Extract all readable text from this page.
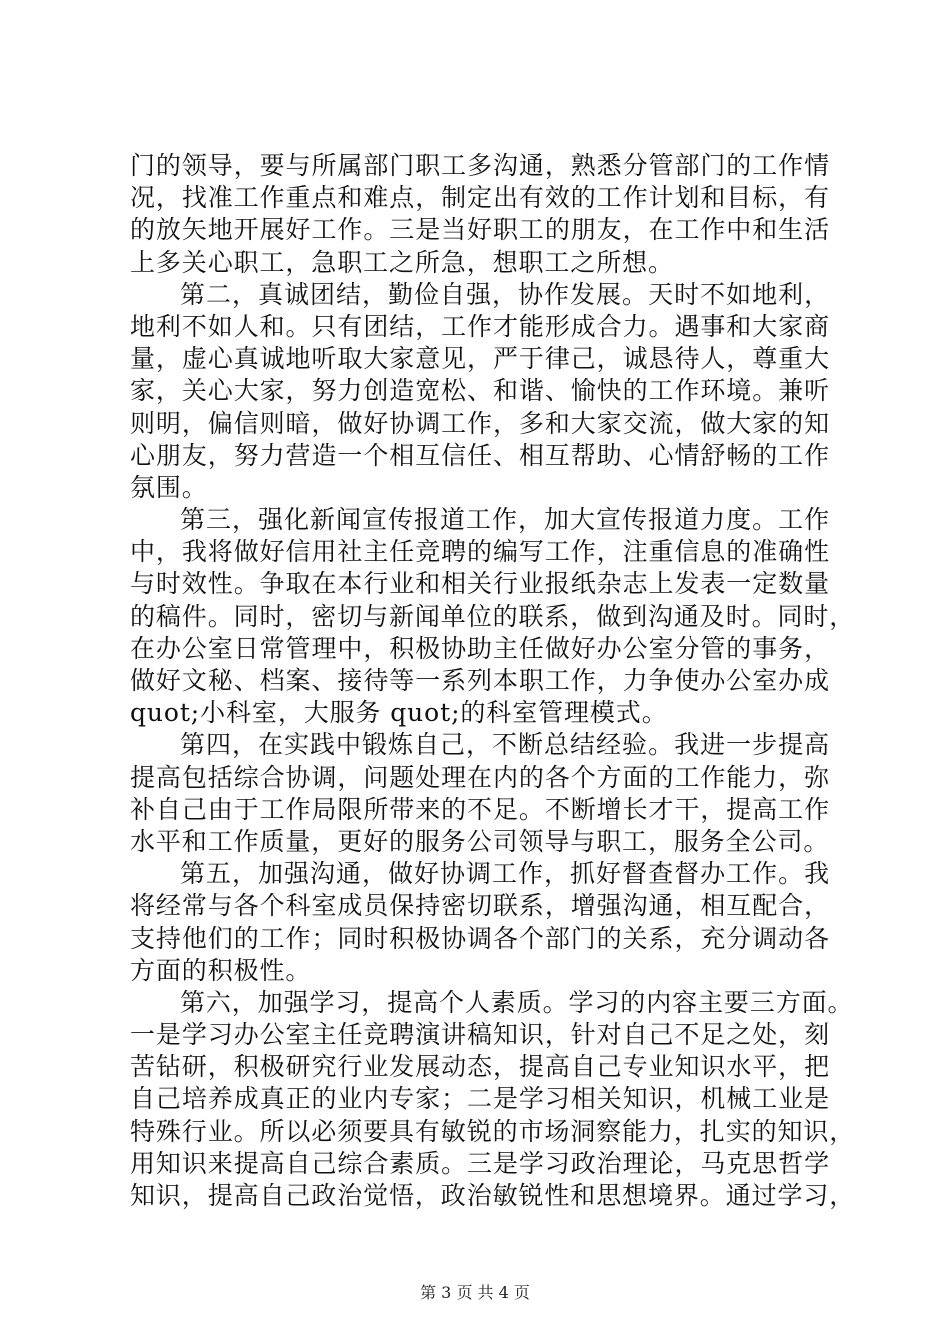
门的领导，要与所属部门职工多沟通，熟悉分管部门的工作情
况，找准工作重点和难点，制定出有效的工作计划和目标，有
的放矢地开展好工作。三是当好职工的朋友，在工作中和生活
上多关心职工，急职工之所急，想职工之所想。
第二，真诚团结，勤俭自强，协作发展。天时不如地利，
地利不如人和。只有团结，工作才能形成合力。遇事和大家商
量，虚心真诚地听取大家意见，严于律己，诚恳待人，尊重大
家，关心大家，努力创造宽松、和谐、愉快的工作环境。兼听
则明，偏信则暗，做好协调工作，多和大家交流，做大家的知
心朋友，努力营造一个相互信任、相互帮助、心情舒畅的工作
氛围。
第三，强化新闻宣传报道工作，加大宣传报道力度。工作
中，我将做好信用社主任竞聘的编写工作，注重信息的准确性
与时效性。争取在本行业和相关行业报纸杂志上发表一定数量
的稿件。同时，密切与新闻单位的联系，做到沟通及时。同时，
在办公室日常管理中，积极协助主任做好办公室分管的事务，
做好文秘、档案、接待等一系列本职工作，力争使办公室办成
quot;小科室，大服务 quot;的科室管理模式。
第四，在实践中锻炼自己，不断总结经验。我进一步提高
提高包括综合协调，问题处理在内的各个方面的工作能力，弥
补自己由于工作局限所带来的不足。不断增长才干，提高工作
水平和工作质量，更好的服务公司领导与职工，服务全公司。
第五，加强沟通，做好协调工作，抓好督查督办工作。我
将经常与各个科室成员保持密切联系，增强沟通，相互配合，
支持他们的工作；同时积极协调各个部门的关系，充分调动各
方面的积极性。
第六，加强学习，提高个人素质。学习的内容主要三方面。
一是学习办公室主任竞聘演讲稿知识，针对自己不足之处，刻
苦钻研，积极研究行业发展动态，提高自己专业知识水平，把
自己培养成真正的业内专家；二是学习相关知识，机械工业是
特殊行业。所以必须要具有敏锐的市场洞察能力，扎实的知识，
用知识来提高自己综合素质。三是学习政治理论，马克思哲学
知识，提高自己政治觉悟，政治敏锐性和思想境界。通过学习，
第 3 页 共 4 页
